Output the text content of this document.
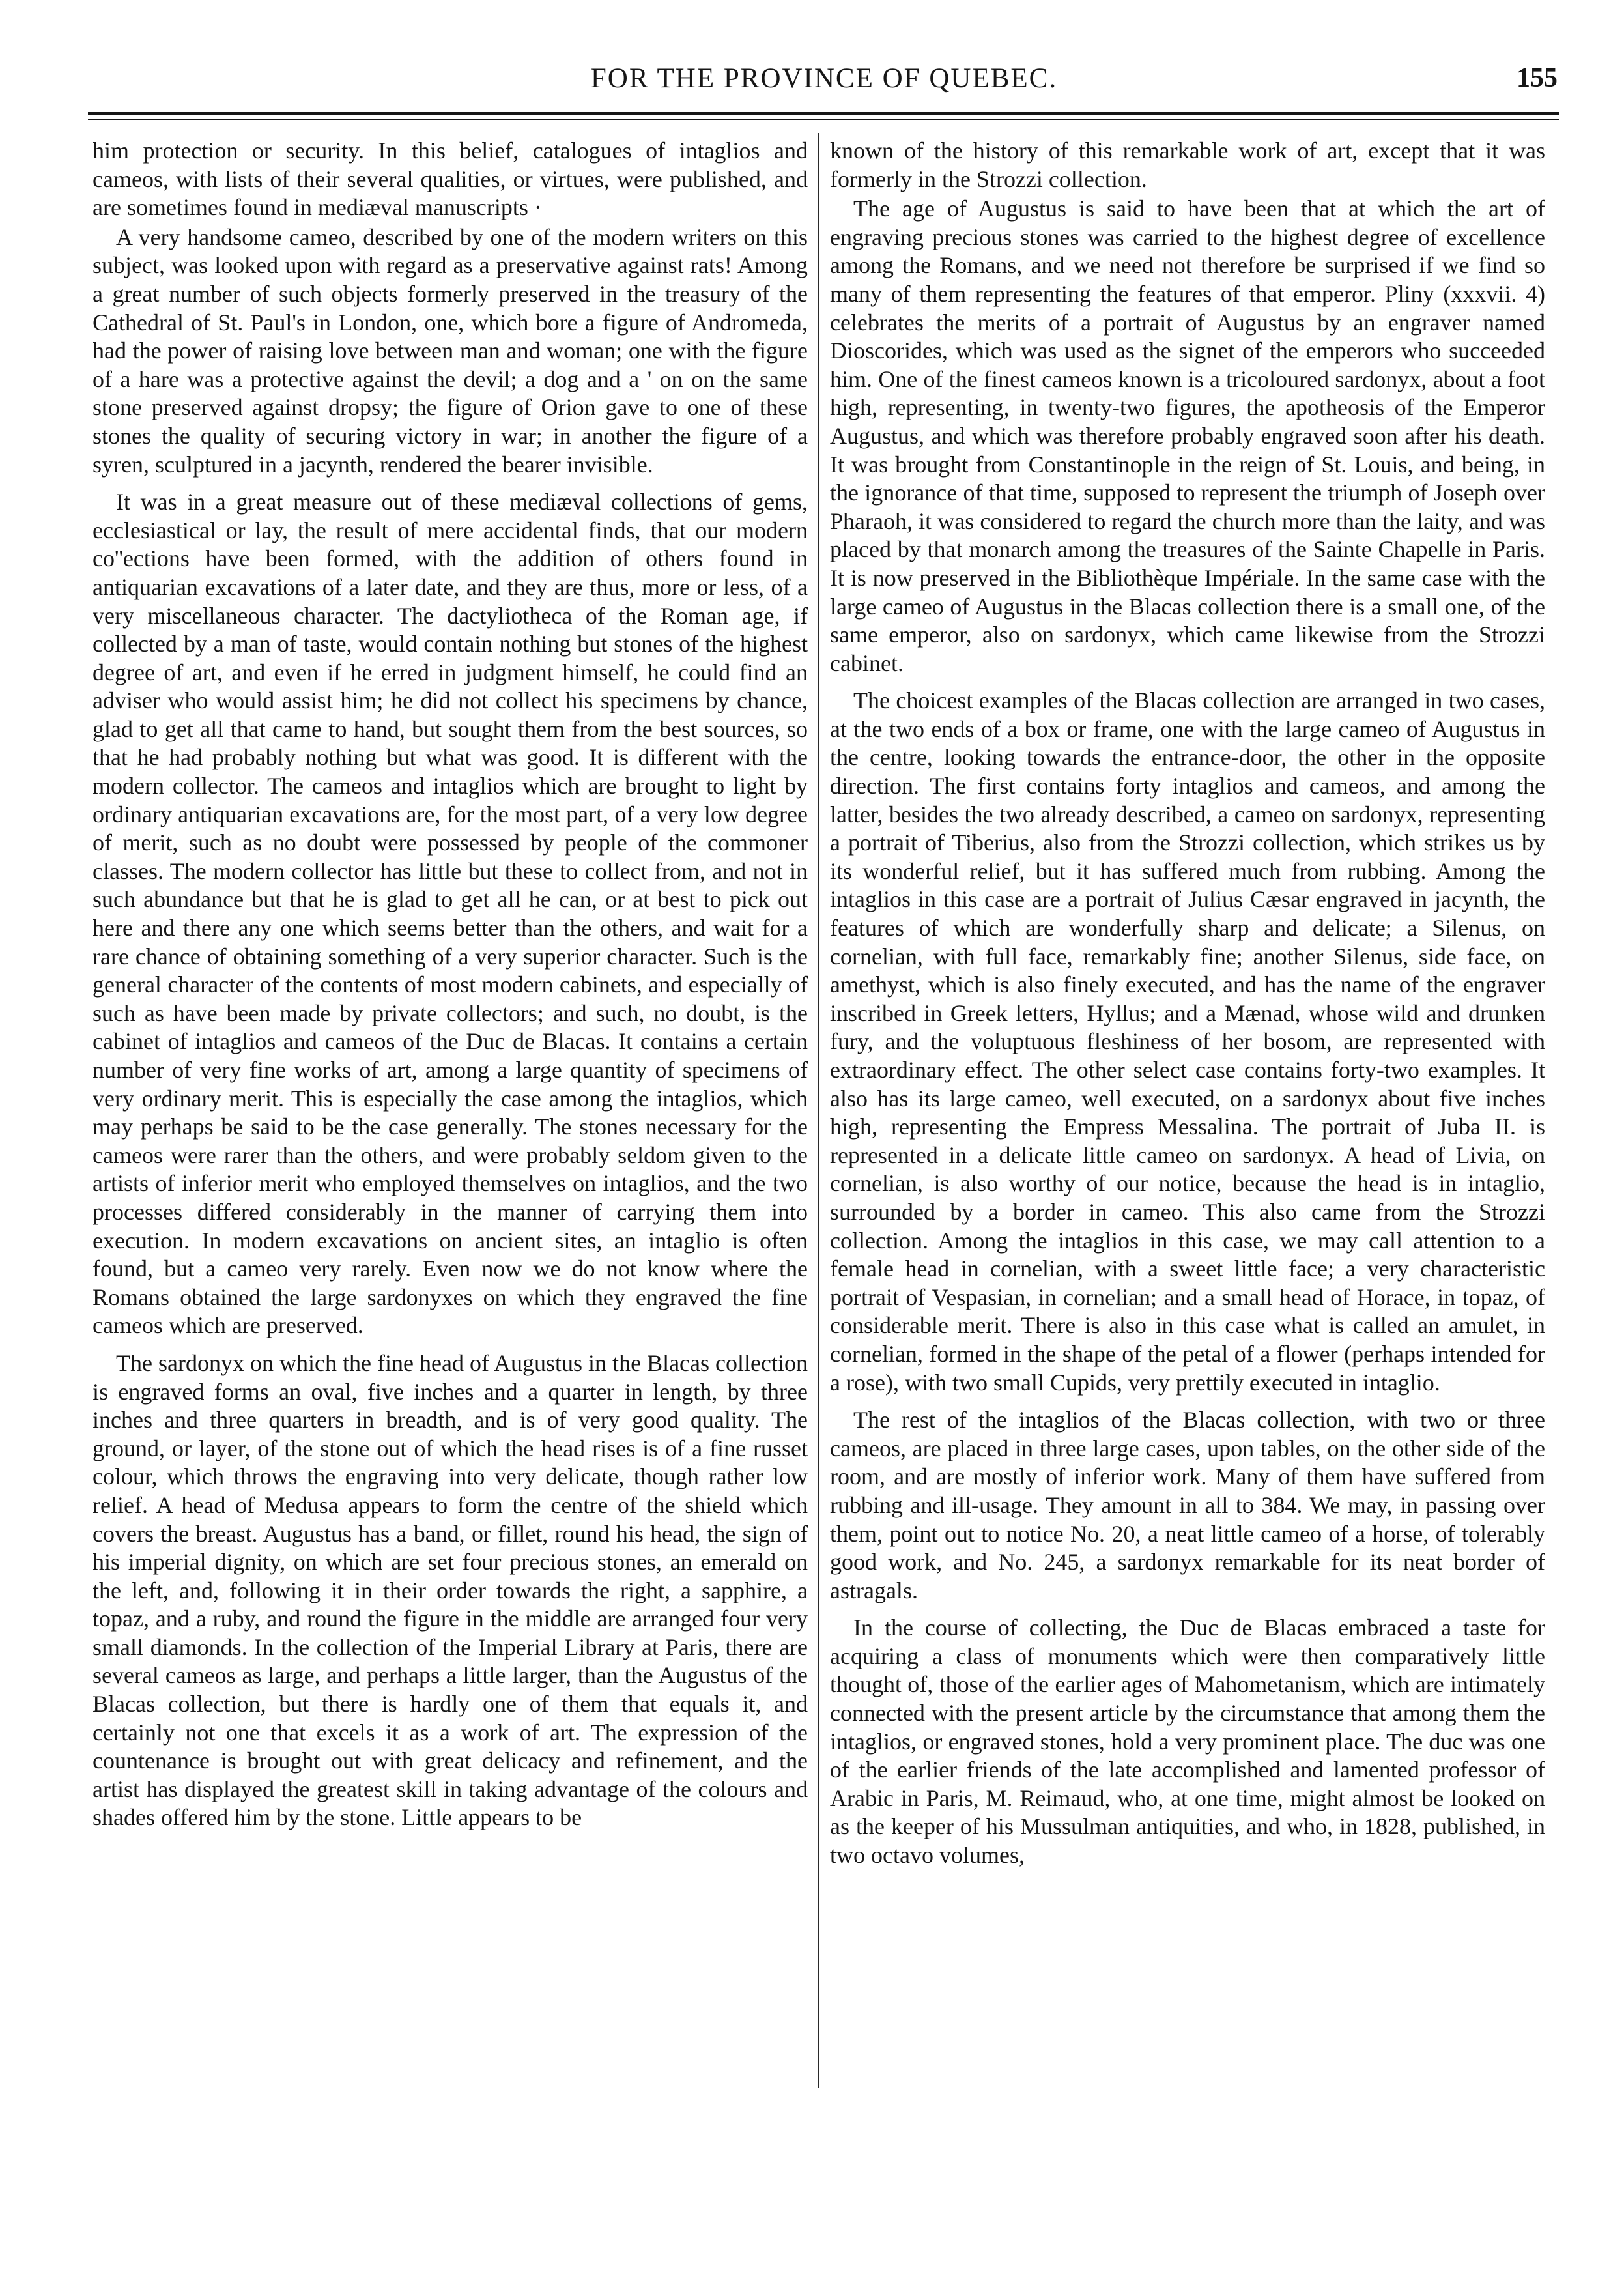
FOR THE PROVINCE OF QUEBEC.	155

him protection or security. In this belief, catalogues of intaglios and cameos, with lists of their several qualities, or virtues, were published, and are sometimes found in mediæval manuscripts ·

A very handsome cameo, described by one of the modern writers on this subject, was looked upon with regard as a preservative against rats! Among a great number of such objects formerly preserved in the treasury of the Cathedral of St. Paul's in London, one, which bore a figure of Andromeda, had the power of raising love between man and woman; one with the figure of a hare was a protective against the devil; a dog and a ' on on the same stone preserved against dropsy; the figure of Orion gave to one of these stones the quality of securing victory in war; in another the figure of a syren, sculptured in a jacynth, rendered the bearer invisible.

It was in a great measure out of these mediæval collections of gems, ecclesiastical or lay, the result of mere accidental finds, that our modern co''ections have been formed, with the addition of others found in antiquarian excavations of a later date, and they are thus, more or less, of a very miscellaneous character. The dactyliotheca of the Roman age, if collected by a man of taste, would contain nothing but stones of the highest degree of art, and even if he erred in judgment himself, he could find an adviser who would assist him; he did not collect his specimens by chance, glad to get all that came to hand, but sought them from the best sources, so that he had probably nothing but what was good. It is different with the modern collector. The cameos and intaglios which are brought to light by ordinary antiquarian excavations are, for the most part, of a very low degree of merit, such as no doubt were possessed by people of the commoner classes. The modern collector has little but these to collect from, and not in such abundance but that he is glad to get all he can, or at best to pick out here and there any one which seems better than the others, and wait for a rare chance of obtaining something of a very superior character. Such is the general character of the contents of most modern cabinets, and especially of such as have been made by private collectors; and such, no doubt, is the cabinet of intaglios and cameos of the Duc de Blacas. It contains a certain number of very fine works of art, among a large quantity of specimens of very ordinary merit. This is especially the case among the intaglios, which may perhaps be said to be the case generally. The stones necessary for the cameos were rarer than the others, and were probably seldom given to the artists of inferior merit who employed themselves on intaglios, and the two processes differed considerably in the manner of carrying them into execution. In modern excavations on ancient sites, an intaglio is often found, but a cameo very rarely. Even now we do not know where the Romans obtained the large sardonyxes on which they engraved the fine cameos which are preserved.

The sardonyx on which the fine head of Augustus in the Blacas collection is engraved forms an oval, five inches and a quarter in length, by three inches and three quarters in breadth, and is of very good quality. The ground, or layer, of the stone out of which the head rises is of a fine russet colour, which throws the engraving into very delicate, though rather low relief. A head of Medusa appears to form the centre of the shield which covers the breast. Augustus has a band, or fillet, round his head, the sign of his imperial dignity, on which are set four precious stones, an emerald on the left, and, following it in their order towards the right, a sapphire, a topaz, and a ruby, and round the figure in the middle are arranged four very small diamonds. In the collection of the Imperial Library at Paris, there are several cameos as large, and perhaps a little larger, than the Augustus of the Blacas collection, but there is hardly one of them that equals it, and certainly not one that excels it as a work of art. The expression of the countenance is brought out with great delicacy and refinement, and the artist has displayed the greatest skill in taking advantage of the colours and shades offered him by the stone. Little appears to be

known of the history of this remarkable work of art, except that it was formerly in the Strozzi collection.

The age of Augustus is said to have been that at which the art of engraving precious stones was carried to the highest degree of excellence among the Romans, and we need not therefore be surprised if we find so many of them representing the features of that emperor. Pliny (xxxvii. 4) celebrates the merits of a portrait of Augustus by an engraver named Dioscorides, which was used as the signet of the emperors who succeeded him. One of the finest cameos known is a tricoloured sardonyx, about a foot high, representing, in twenty-two figures, the apotheosis of the Emperor Augustus, and which was therefore probably engraved soon after his death. It was brought from Constantinople in the reign of St. Louis, and being, in the ignorance of that time, supposed to represent the triumph of Joseph over Pharaoh, it was considered to regard the church more than the laity, and was placed by that monarch among the treasures of the Sainte Chapelle in Paris. It is now preserved in the Bibliothèque Impériale. In the same case with the large cameo of Augustus in the Blacas collection there is a small one, of the same emperor, also on sardonyx, which came likewise from the Strozzi cabinet.

The choicest examples of the Blacas collection are arranged in two cases, at the two ends of a box or frame, one with the large cameo of Augustus in the centre, looking towards the entrance-door, the other in the opposite direction. The first contains forty intaglios and cameos, and among the latter, besides the two already described, a cameo on sardonyx, representing a portrait of Tiberius, also from the Strozzi collection, which strikes us by its wonderful relief, but it has suffered much from rubbing. Among the intaglios in this case are a portrait of Julius Cæsar engraved in jacynth, the features of which are wonderfully sharp and delicate; a Silenus, on cornelian, with full face, remarkably fine; another Silenus, side face, on amethyst, which is also finely executed, and has the name of the engraver inscribed in Greek letters, Hyllus; and a Mænad, whose wild and drunken fury, and the voluptuous fleshiness of her bosom, are represented with extraordinary effect. The other select case contains forty-two examples. It also has its large cameo, well executed, on a sardonyx about five inches high, representing the Empress Messalina. The portrait of Juba II. is represented in a delicate little cameo on sardonyx. A head of Livia, on cornelian, is also worthy of our notice, because the head is in intaglio, surrounded by a border in cameo. This also came from the Strozzi collection. Among the intaglios in this case, we may call attention to a female head in cornelian, with a sweet little face; a very characteristic portrait of Vespasian, in cornelian; and a small head of Horace, in topaz, of considerable merit. There is also in this case what is called an amulet, in cornelian, formed in the shape of the petal of a flower (perhaps intended for a rose), with two small Cupids, very prettily executed in intaglio.

The rest of the intaglios of the Blacas collection, with two or three cameos, are placed in three large cases, upon tables, on the other side of the room, and are mostly of inferior work. Many of them have suffered from rubbing and ill-usage. They amount in all to 384. We may, in passing over them, point out to notice No. 20, a neat little cameo of a horse, of tolerably good work, and No. 245, a sardonyx remarkable for its neat border of astragals.

In the course of collecting, the Duc de Blacas embraced a taste for acquiring a class of monuments which were then comparatively little thought of, those of the earlier ages of Mahometanism, which are intimately connected with the present article by the circumstance that among them the intaglios, or engraved stones, hold a very prominent place. The duc was one of the earlier friends of the late accomplished and lamented professor of Arabic in Paris, M. Reimaud, who, at one time, might almost be looked on as the keeper of his Mussulman antiquities, and who, in 1828, published, in two octavo volumes,
